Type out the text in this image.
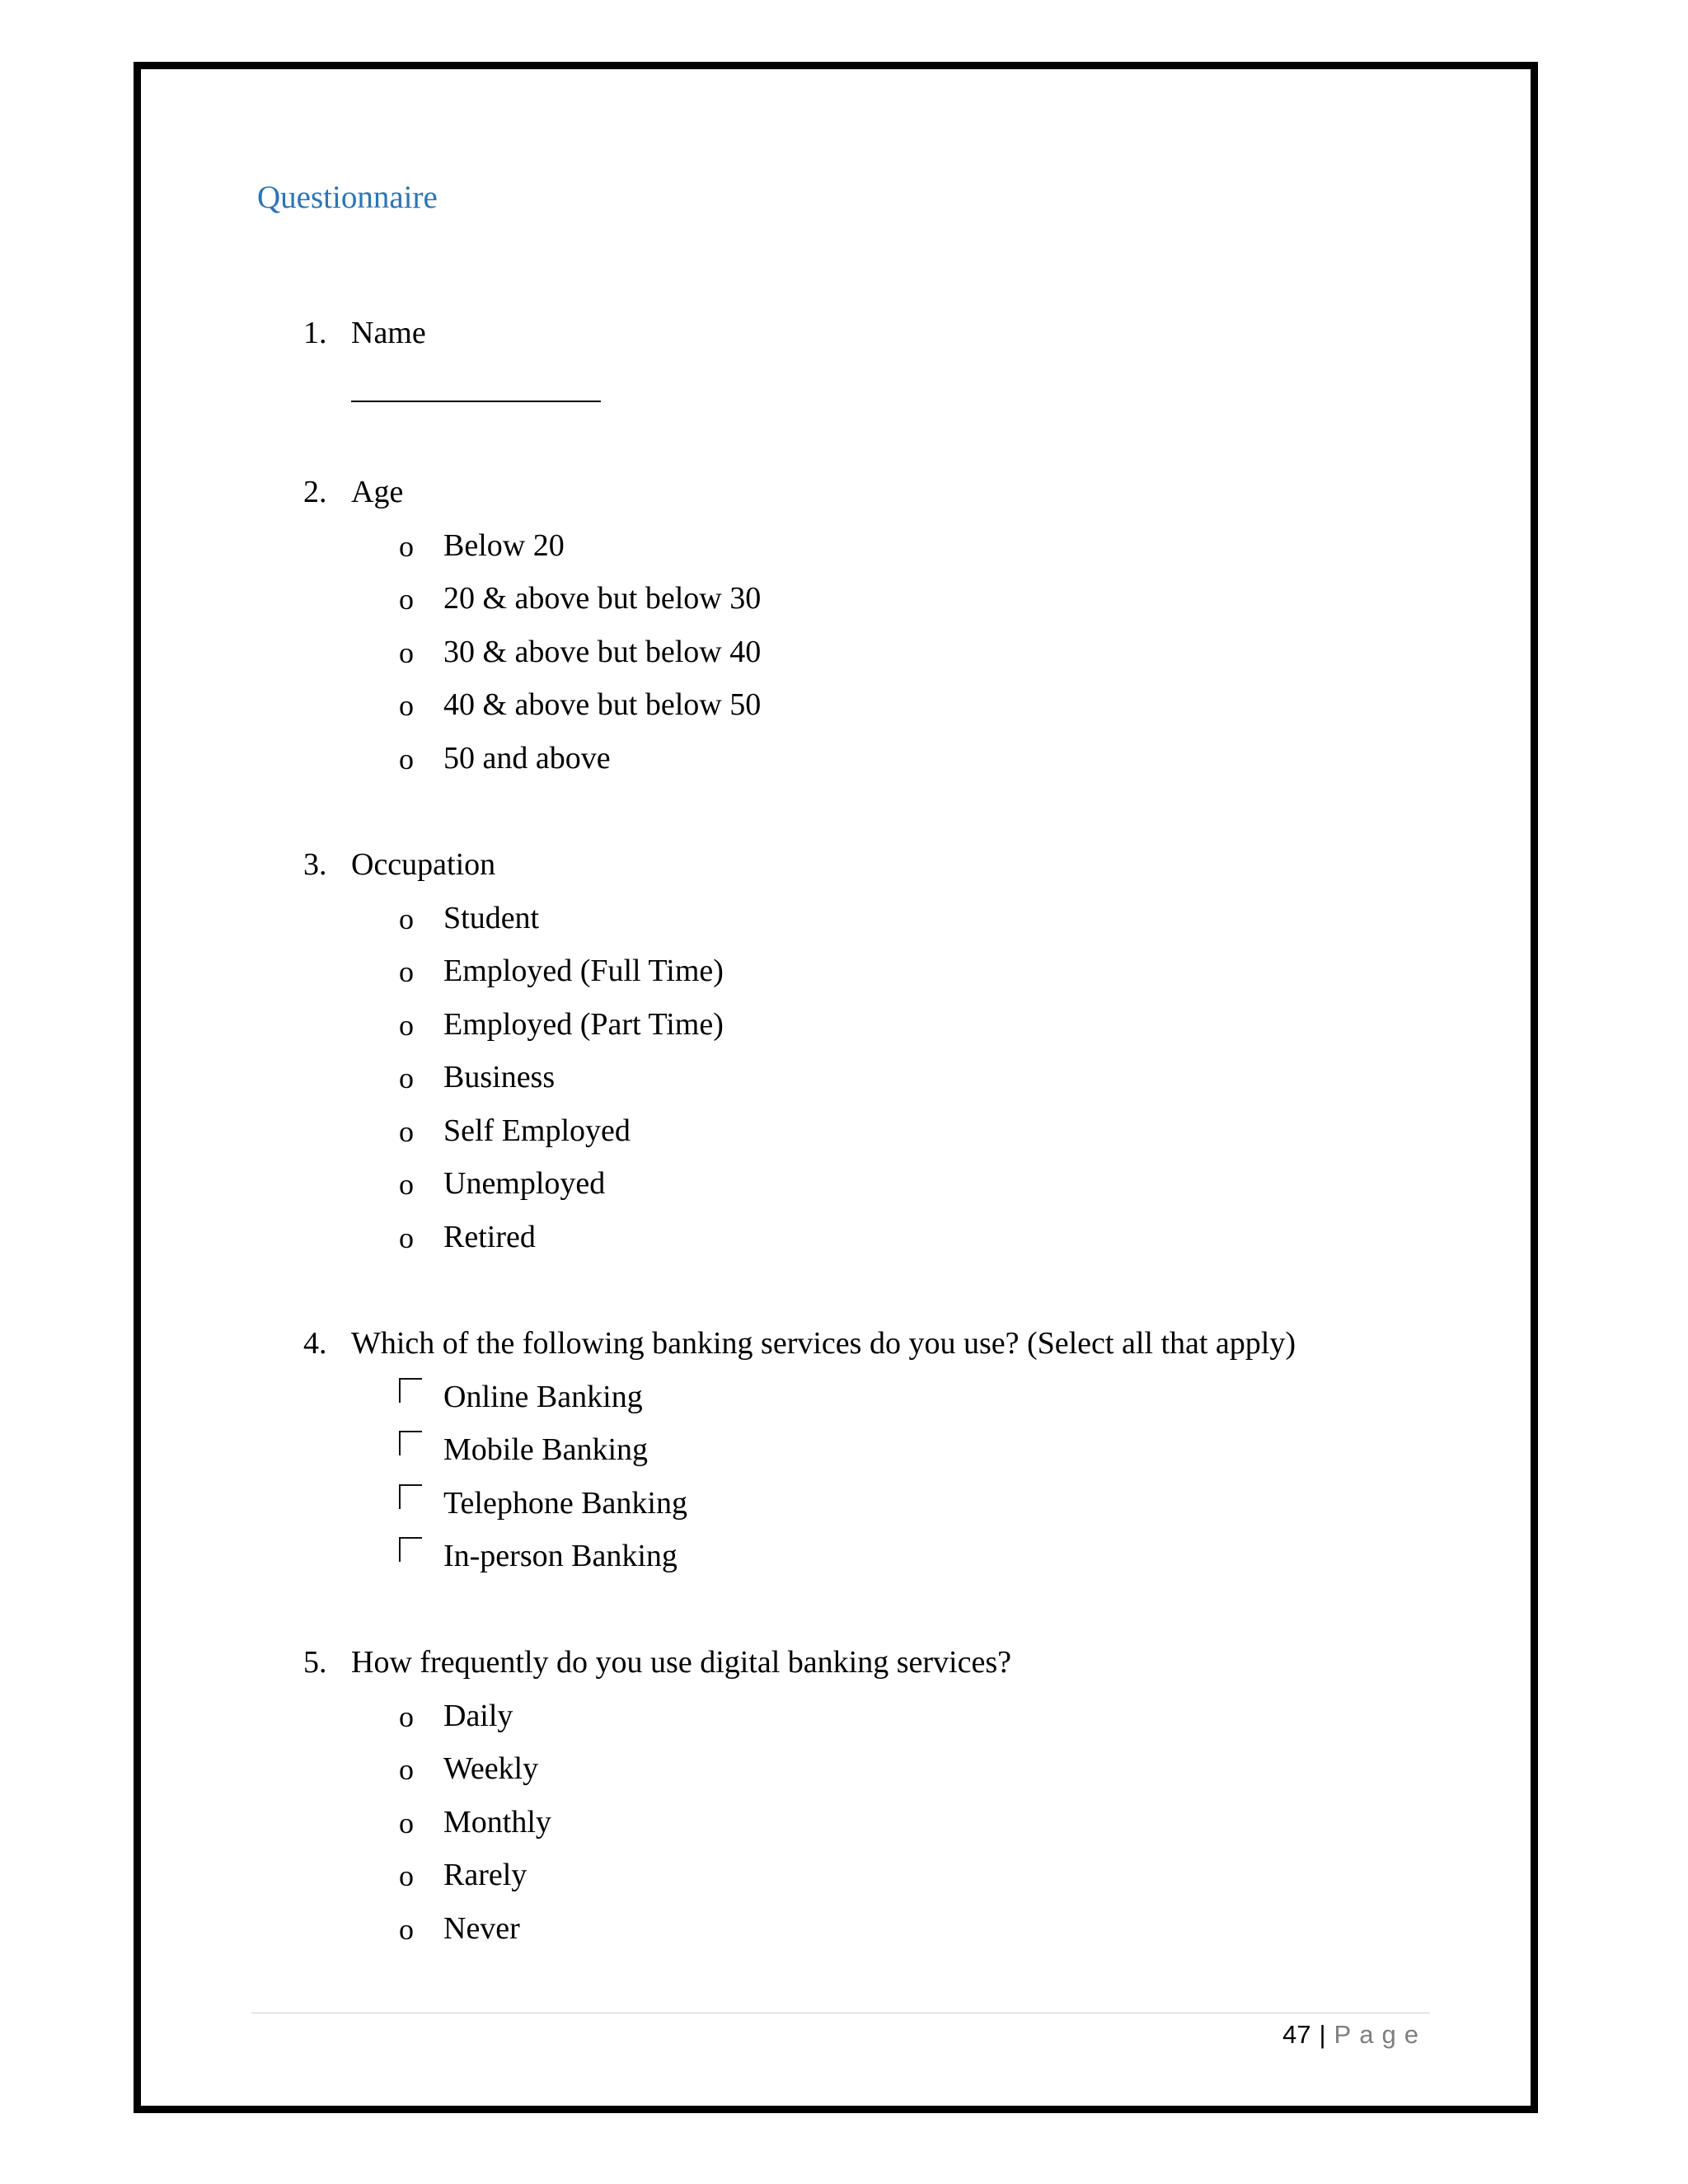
Questionnaire
1. Name
2. Age
o Below 20
o 20 & above but below 30
o 30 & above but below 40
o 40 & above but below 50
o 50 and above
3. Occupation
o Student
o Employed (Full Time)
o Employed (Part Time)
o Business
o Self Employed
o Unemployed
o Retired
4. Which of the following banking services do you use? (Select all that apply)
Online Banking
Mobile Banking
Telephone Banking
In-person Banking
5. How frequently do you use digital banking services?
o Daily
o Weekly
o Monthly
o Rarely
o Never
47 | Page
